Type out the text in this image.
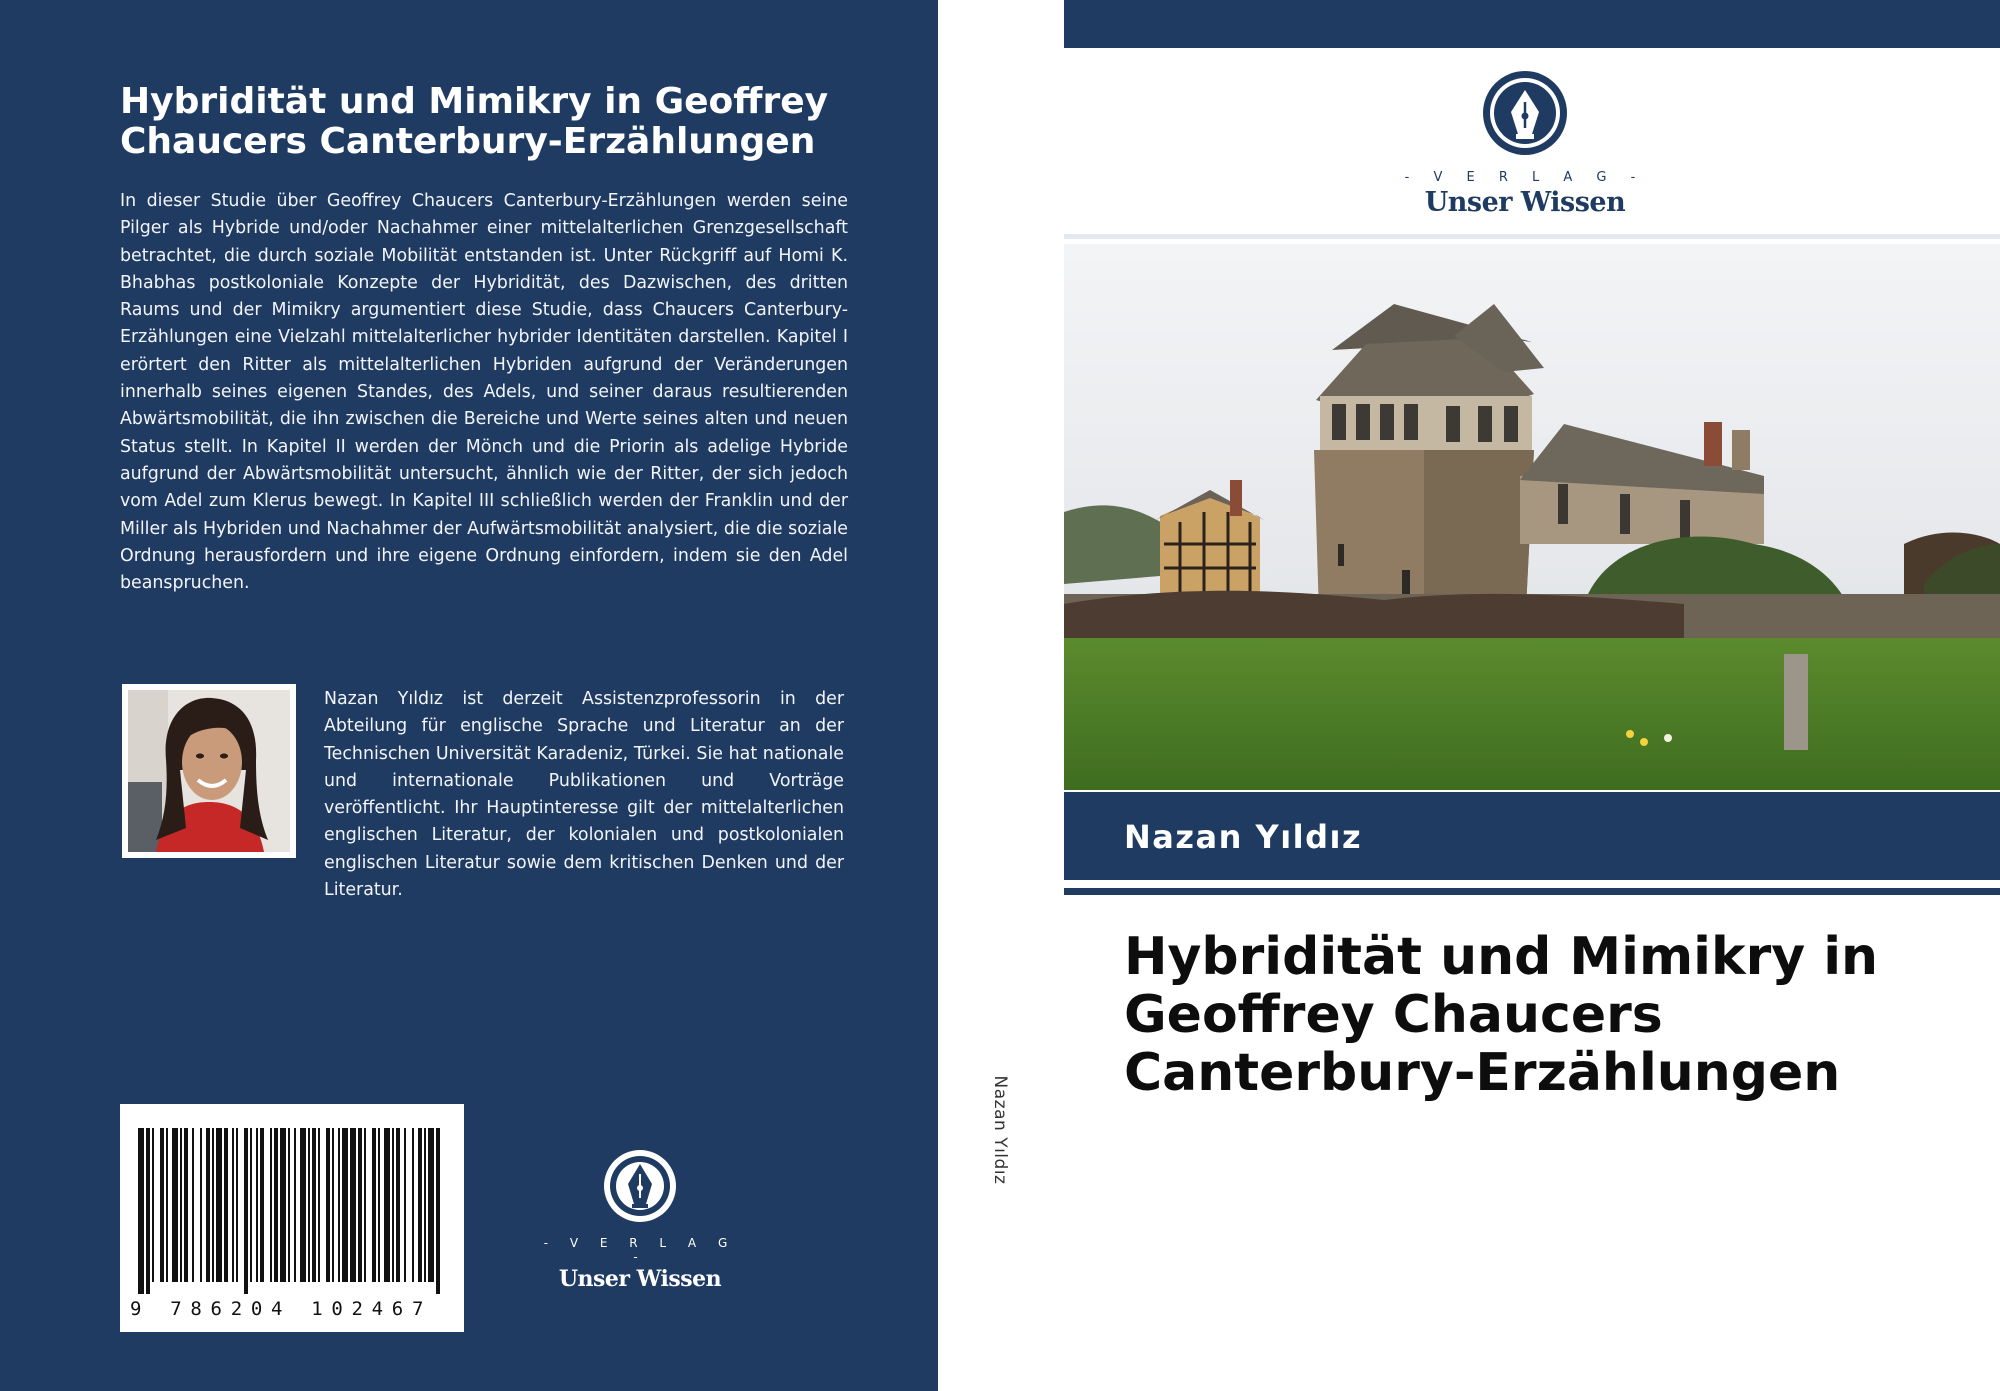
Hybridität und Mimikry in Geoffrey Chaucers Canterbury-Erzählungen

In dieser Studie über Geoffrey Chaucers Canterbury-Erzählungen werden seine Pilger als Hybride und/oder Nachahmer einer mittelalterlichen Grenzgesellschaft betrachtet, die durch soziale Mobilität entstanden ist. Unter Rückgriff auf Homi K. Bhabhas postkoloniale Konzepte der Hybridität, des Dazwischen, des dritten Raums und der Mimikry argumentiert diese Studie, dass Chaucers Canterbury-Erzählungen eine Vielzahl mittelalterlicher hybrider Identitäten darstellen. Kapitel I erörtert den Ritter als mittelalterlichen Hybriden aufgrund der Veränderungen innerhalb seines eigenen Standes, des Adels, und seiner daraus resultierenden Abwärtsmobilität, die ihn zwischen die Bereiche und Werte seines alten und neuen Status stellt. In Kapitel II werden der Mönch und die Priorin als adelige Hybride aufgrund der Abwärtsmobilität untersucht, ähnlich wie der Ritter, der sich jedoch vom Adel zum Klerus bewegt. In Kapitel III schließlich werden der Franklin und der Miller als Hybriden und Nachahmer der Aufwärtsmobilität analysiert, die die soziale Ordnung herausfordern und ihre eigene Ordnung einfordern, indem sie den Adel beanspruchen.

Nazan Yıldız ist derzeit Assistenzprofessorin in der Abteilung für englische Sprache und Literatur an der Technischen Universität Karadeniz, Türkei. Sie hat nationale und internationale Publikationen und Vorträge veröffentlicht. Ihr Hauptinteresse gilt der mittelalterlichen englischen Literatur, der kolonialen und postkolonialen englischen Literatur sowie dem kritischen Denken und der Literatur.

9 786204 102467
- V E R L A G -
Unser Wissen
Nazan Yıldız
- V E R L A G -
Unser Wissen

Nazan Yıldız

Hybridität und Mimikry in Geoffrey Chaucers Canterbury-Erzählungen
